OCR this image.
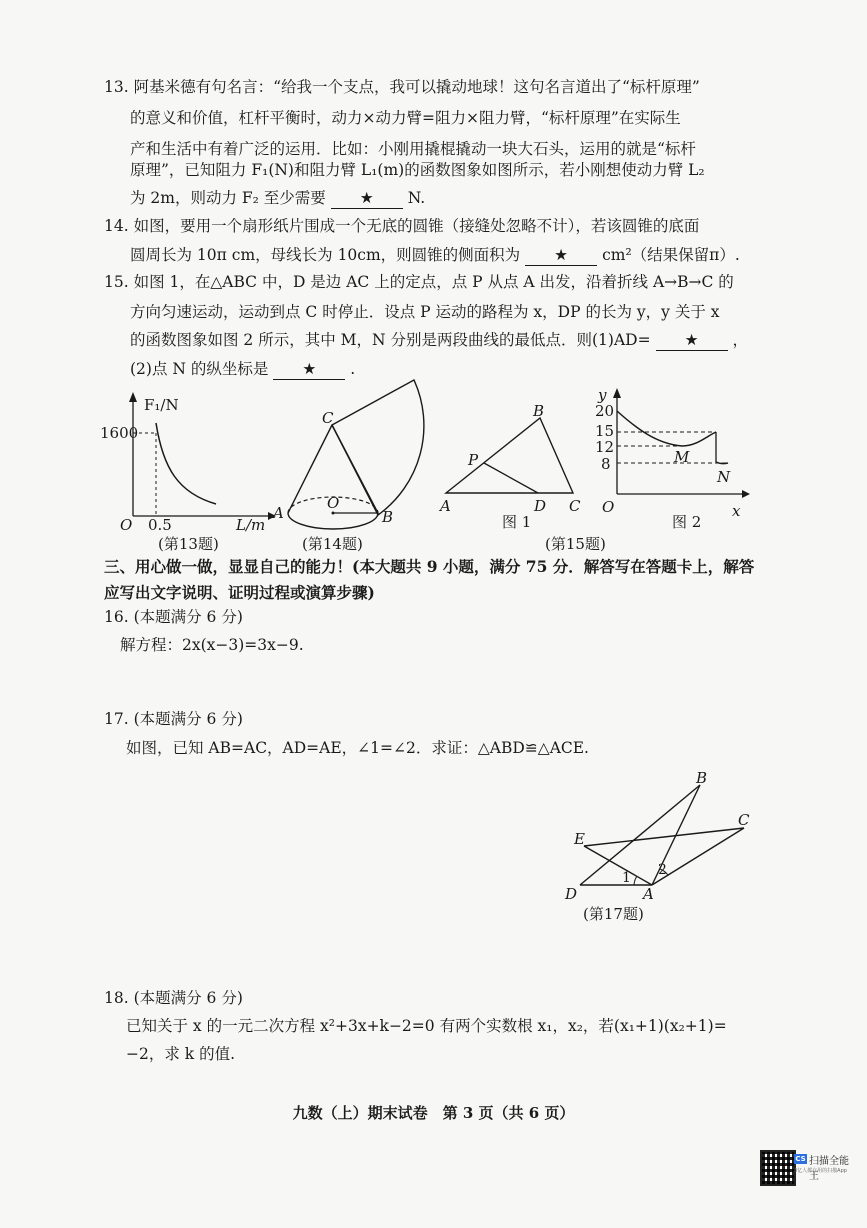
13. 阿基米德有句名言：“给我一个支点，我可以撬动地球！这句名言道出了“标杆原理”
的意义和价值，杠杆平衡时，动力×动力臂=阻力×阻力臂，“标杆原理”在实际生
产和生活中有着广泛的运用．比如：小刚用撬棍撬动一块大石头，运用的就是“标杆
原理”，已知阻力 F₁(N)和阻力臂 L₁(m)的函数图象如图所示，若小刚想使动力臂 L₂
为 2m，则动力 F₂ 至少需要 ★ N.
14. 如图，要用一个扇形纸片围成一个无底的圆锥（接缝处忽略不计），若该圆锥的底面
圆周长为 10π cm，母线长为 10cm，则圆锥的侧面积为 ★ cm²（结果保留π）.
15. 如图 1，在△ABC 中，D 是边 AC 上的定点，点 P 从点 A 出发，沿着折线 A→B→C 的
方向匀速运动，运动到点 C 时停止．设点 P 运动的路程为 x，DP 的长为 y，y 关于 x
的函数图象如图 2 所示，其中 M，N 分别是两段曲线的最低点．则(1)AD= ★ ，
(2)点 N 的纵坐标是 ★ .
F₁/N
1600
O 0.5	L/m
(第13题)
C
A	B
O
(第14题)
A
B
C
D
P
图 1
y
x
O
20
15
12
8	M
N
图 2
(第15题)
三、用心做一做，显显自己的能力！(本大题共 9 小题，满分 75 分．解答写在答题卡上，解答
应写出文字说明、证明过程或演算步骤)
16. (本题满分 6 分)
解方程：2x(x−3)=3x−9.
17. (本题满分 6 分)
如图，已知 AB=AC，AD=AE，∠1=∠2．求证：△ABD≌△ACE.
B
C
E
D	A
1 2
(第17题)
18. (本题满分 6 分)
已知关于 x 的一元二次方程 x²+3x+k−2=0 有两个实数根 x₁，x₂，若(x₁+1)(x₂+1)=
−2，求 k 的值.
九数（上）期末试卷　第 3 页（共 6 页）
CS 扫描全能王
3亿人都在用的扫描App
